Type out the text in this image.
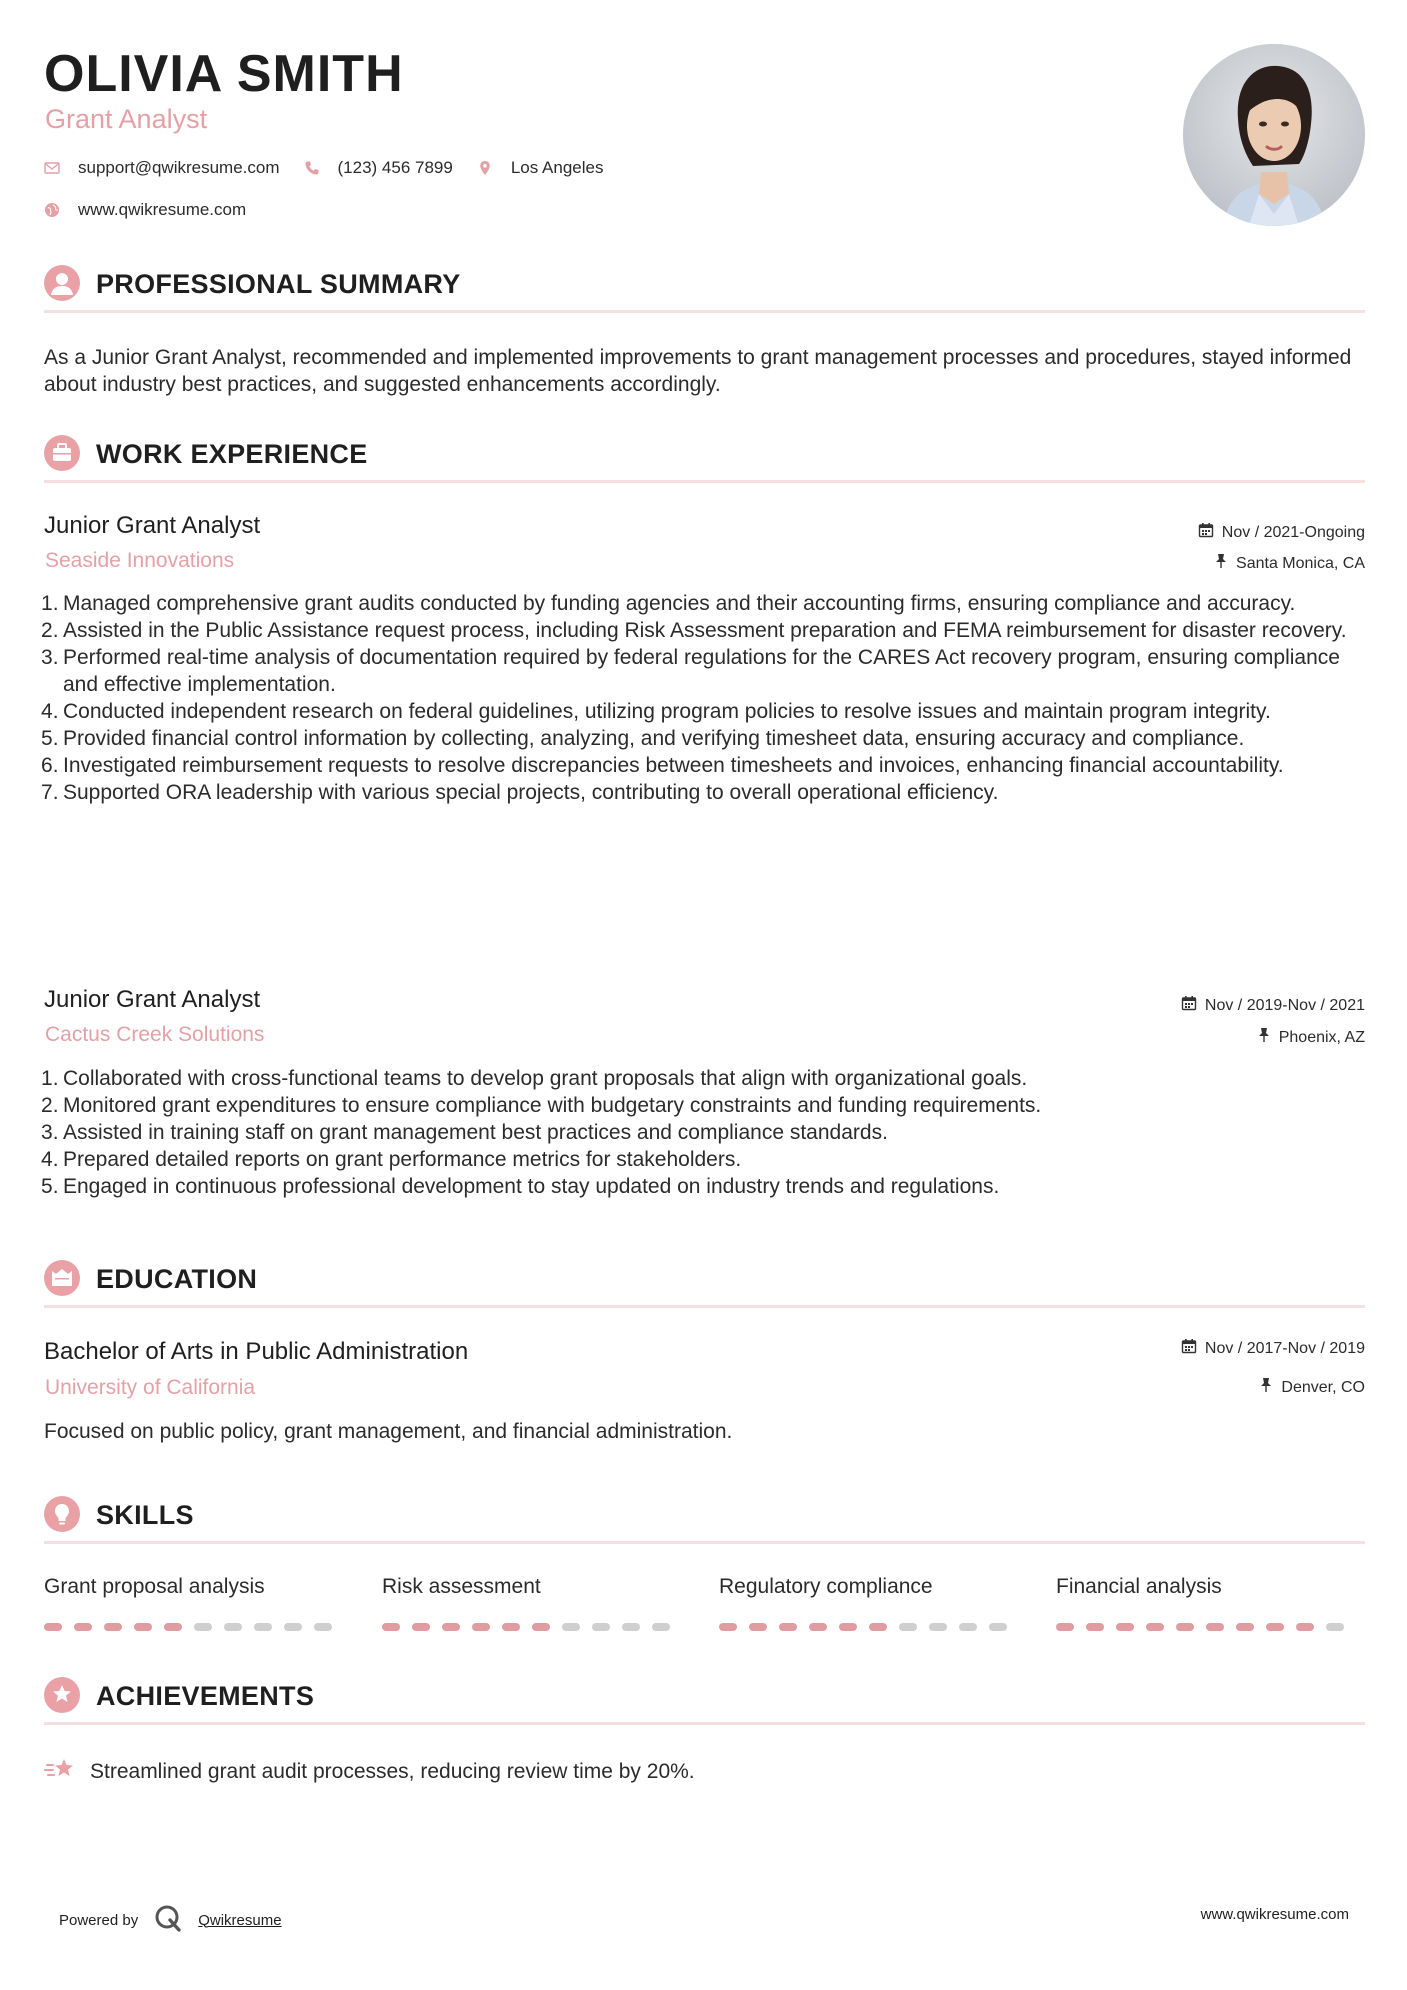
OLIVIA SMITH
Grant Analyst
support@qwikresume.com	(123) 456 7899	Los Angeles
www.qwikresume.com
PROFESSIONAL SUMMARY
As a Junior Grant Analyst, recommended and implemented improvements to grant management processes and procedures, stayed informed about industry best practices, and suggested enhancements accordingly.
WORK EXPERIENCE
Junior Grant Analyst
Seaside Innovations
Nov / 2021-Ongoing
Santa Monica, CA
Managed comprehensive grant audits conducted by funding agencies and their accounting firms, ensuring compliance and accuracy.
Assisted in the Public Assistance request process, including Risk Assessment preparation and FEMA reimbursement for disaster recovery.
Performed real-time analysis of documentation required by federal regulations for the CARES Act recovery program, ensuring compliance and effective implementation.
Conducted independent research on federal guidelines, utilizing program policies to resolve issues and maintain program integrity.
Provided financial control information by collecting, analyzing, and verifying timesheet data, ensuring accuracy and compliance.
Investigated reimbursement requests to resolve discrepancies between timesheets and invoices, enhancing financial accountability.
Supported ORA leadership with various special projects, contributing to overall operational efficiency.
Junior Grant Analyst
Cactus Creek Solutions
Nov / 2019-Nov / 2021
Phoenix, AZ
Collaborated with cross-functional teams to develop grant proposals that align with organizational goals.
Monitored grant expenditures to ensure compliance with budgetary constraints and funding requirements.
Assisted in training staff on grant management best practices and compliance standards.
Prepared detailed reports on grant performance metrics for stakeholders.
Engaged in continuous professional development to stay updated on industry trends and regulations.
EDUCATION
Bachelor of Arts in Public Administration
University of California
Nov / 2017-Nov / 2019
Denver, CO
Focused on public policy, grant management, and financial administration.
SKILLS
Grant proposal analysis	Risk assessment	Regulatory compliance	Financial analysis
ACHIEVEMENTS
Streamlined grant audit processes, reducing review time by 20%.
Powered by	Qwikresume	www.qwikresume.com
